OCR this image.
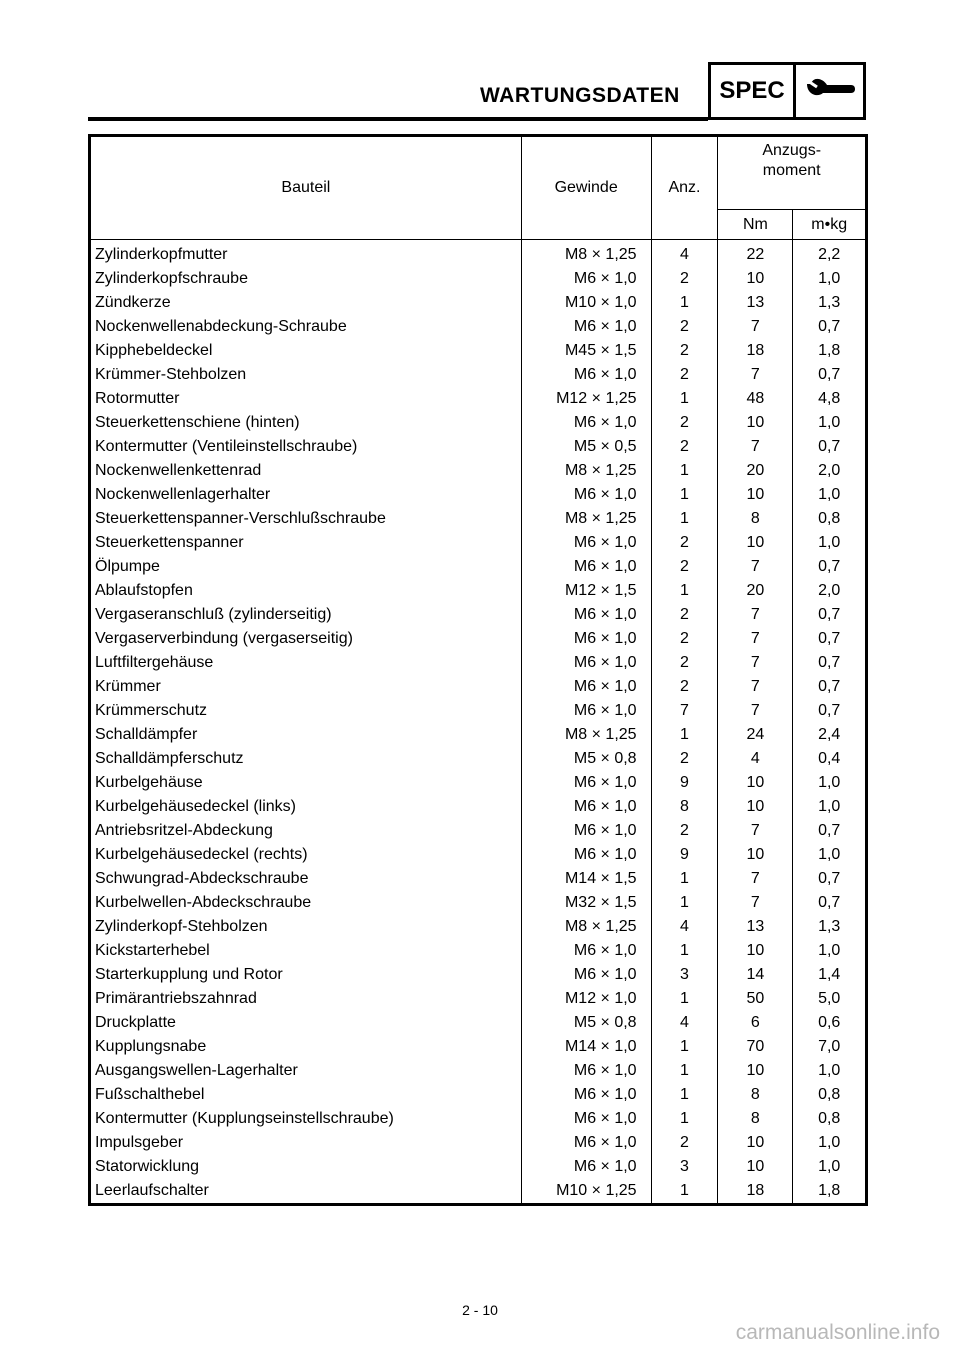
WARTUNGSDATEN	SPEC
Bauteil	Gewinde	Anz.	Anzugs-
moment	
			Nm	m•kg
Zylinderkopfmutter	M8 × 1,25	4	22	2,2
Zylinderkopfschraube	M6 × 1,0	2	10	1,0
Zündkerze	M10 × 1,0	1	13	1,3
Nockenwellenabdeckung-Schraube	M6 × 1,0	2	7	0,7
Kipphebeldeckel	M45 × 1,5	2	18	1,8
Krümmer-Stehbolzen	M6 × 1,0	2	7	0,7
Rotormutter	M12 × 1,25	1	48	4,8
Steuerkettenschiene (hinten)	M6 × 1,0	2	10	1,0
Kontermutter (Ventileinstellschraube)	M5 × 0,5	2	7	0,7
Nockenwellenkettenrad	M8 × 1,25	1	20	2,0
Nockenwellenlagerhalter	M6 × 1,0	1	10	1,0
Steuerkettenspanner-Verschlußschraube	M8 × 1,25	1	8	0,8
Steuerkettenspanner	M6 × 1,0	2	10	1,0
Ölpumpe	M6 × 1,0	2	7	0,7
Ablaufstopfen	M12 × 1,5	1	20	2,0
Vergaseranschluß (zylinderseitig)	M6 × 1,0	2	7	0,7
Vergaserverbindung (vergaserseitig)	M6 × 1,0	2	7	0,7
Luftfiltergehäuse	M6 × 1,0	2	7	0,7
Krümmer	M6 × 1,0	2	7	0,7
Krümmerschutz	M6 × 1,0	7	7	0,7
Schalldämpfer	M8 × 1,25	1	24	2,4
Schalldämpferschutz	M5 × 0,8	2	4	0,4
Kurbelgehäuse	M6 × 1,0	9	10	1,0
Kurbelgehäusedeckel (links)	M6 × 1,0	8	10	1,0
Antriebsritzel-Abdeckung	M6 × 1,0	2	7	0,7
Kurbelgehäusedeckel (rechts)	M6 × 1,0	9	10	1,0
Schwungrad-Abdeckschraube	M14 × 1,5	1	7	0,7
Kurbelwellen-Abdeckschraube	M32 × 1,5	1	7	0,7
Zylinderkopf-Stehbolzen	M8 × 1,25	4	13	1,3
Kickstarterhebel	M6 × 1,0	1	10	1,0
Starterkupplung und Rotor	M6 × 1,0	3	14	1,4
Primärantriebszahnrad	M12 × 1,0	1	50	5,0
Druckplatte	M5 × 0,8	4	6	0,6
Kupplungsnabe	M14 × 1,0	1	70	7,0
Ausgangswellen-Lagerhalter	M6 × 1,0	1	10	1,0
Fußschalthebel	M6 × 1,0	1	8	0,8
Kontermutter (Kupplungseinstellschraube)	M6 × 1,0	1	8	0,8
Impulsgeber	M6 × 1,0	2	10	1,0
Statorwicklung	M6 × 1,0	3	10	1,0
Leerlaufschalter	M10 × 1,25	1	18	1,8
2 - 10
carmanualsonline.info
